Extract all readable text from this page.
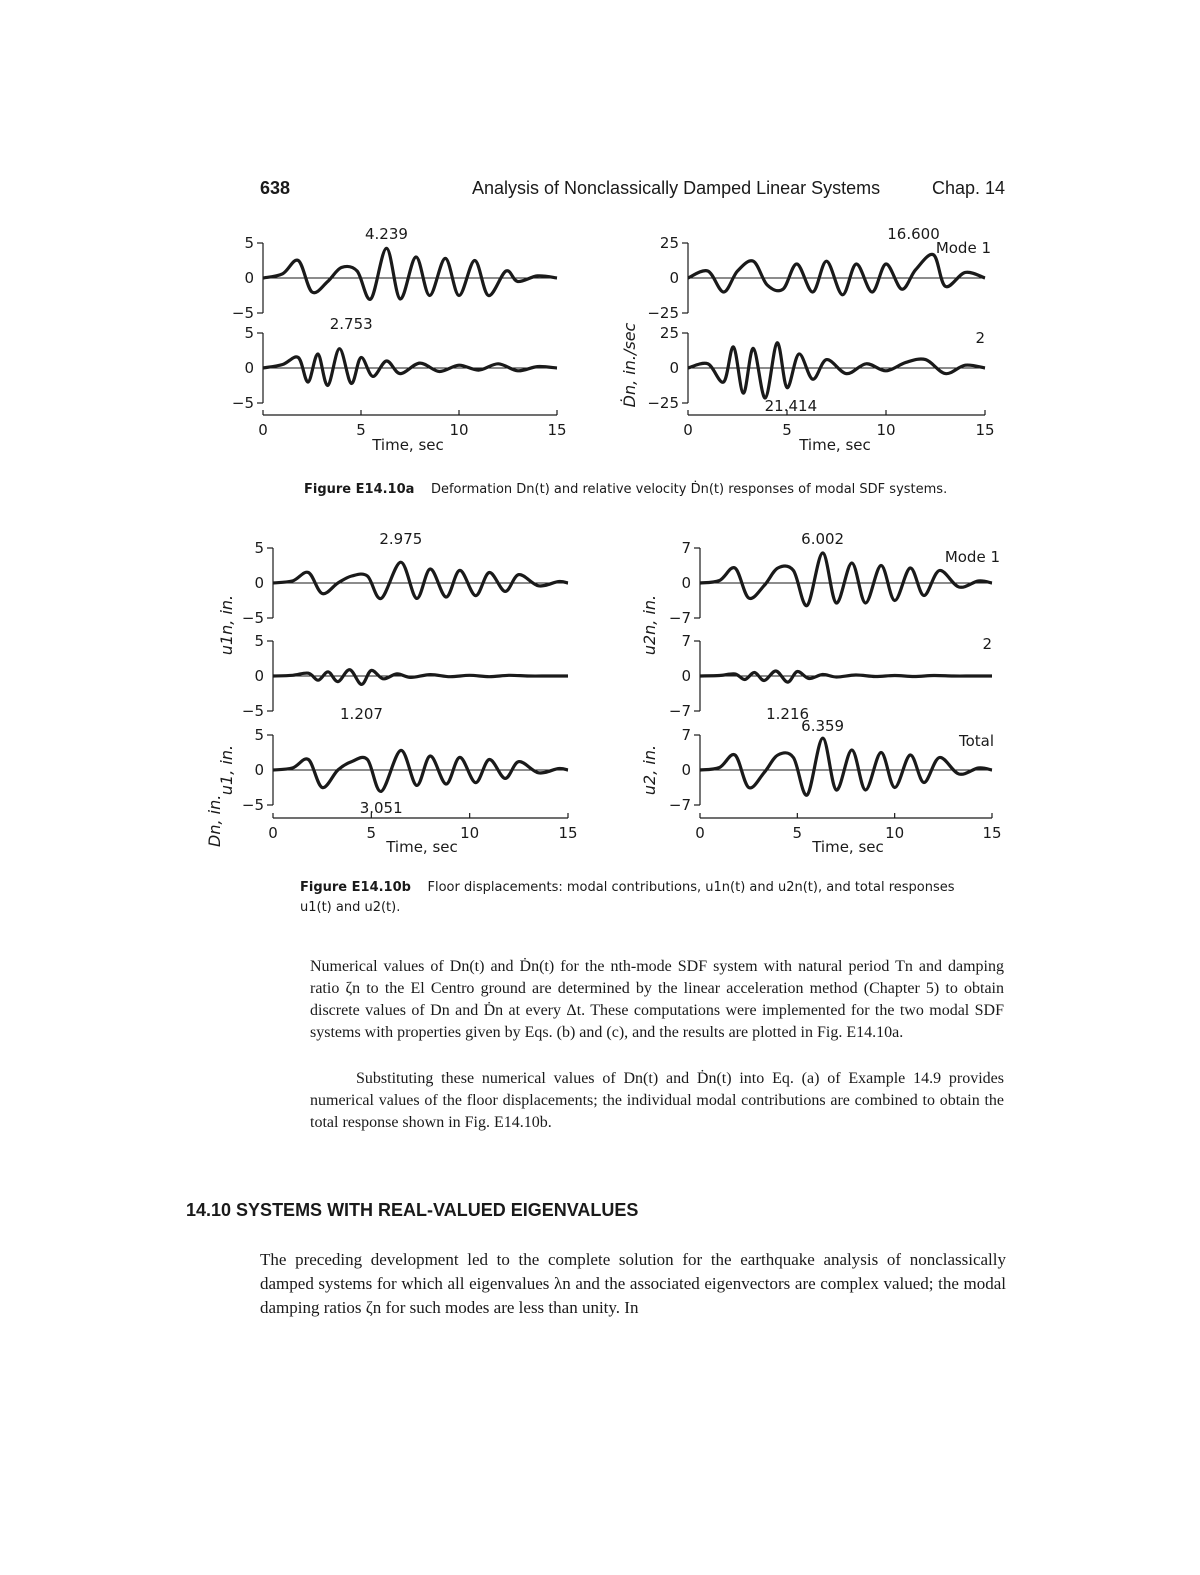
638	Analysis of Nonclassically Damped Linear Systems	Chap. 14
5
0
−5
4.239
5
0
−5
2.753
Dn, in.
0	5	10	15
Time, sec
25
0
−25
16.600
Mode 1
25
0
−25	21.414
2
Ḋn, in./sec
0	5	10	15
Time, sec
Figure E14.10a Deformation Dn(t) and relative velocity Ḋn(t) responses of modal SDF systems.
5
0
−5
2.975
5
0
−5	1.207
5
0
−5	3.051
u1n, in.
u1, in.
0	5	10	15
Time, sec
7
0
−7
6.002
Mode 1
7
0
−7	1.216
2
7
0
−7
6.359
Total
u2n, in.
u2, in.
0	5	10	15
Time, sec
Figure E14.10b Floor displacements: modal contributions, u1n(t) and u2n(t), and total responses
u1(t) and u2(t).

Numerical values of Dn(t) and Ḋn(t) for the nth-mode SDF system with natural period Tn and damping ratio ζn to the El Centro ground are determined by the linear acceleration method (Chapter 5) to obtain discrete values of Dn and Ḋn at every Δt. These computations were implemented for the two modal SDF systems with properties given by Eqs. (b) and (c), and the results are plotted in Fig. E14.10a.

Substituting these numerical values of Dn(t) and Ḋn(t) into Eq. (a) of Example 14.9 provides numerical values of the floor displacements; the individual modal contributions are combined to obtain the total response shown in Fig. E14.10b.

14.10 SYSTEMS WITH REAL-VALUED EIGENVALUES

The preceding development led to the complete solution for the earthquake analysis of nonclassically damped systems for which all eigenvalues λn and the associated eigenvectors are complex valued; the modal damping ratios ζn for such modes are less than unity. In
